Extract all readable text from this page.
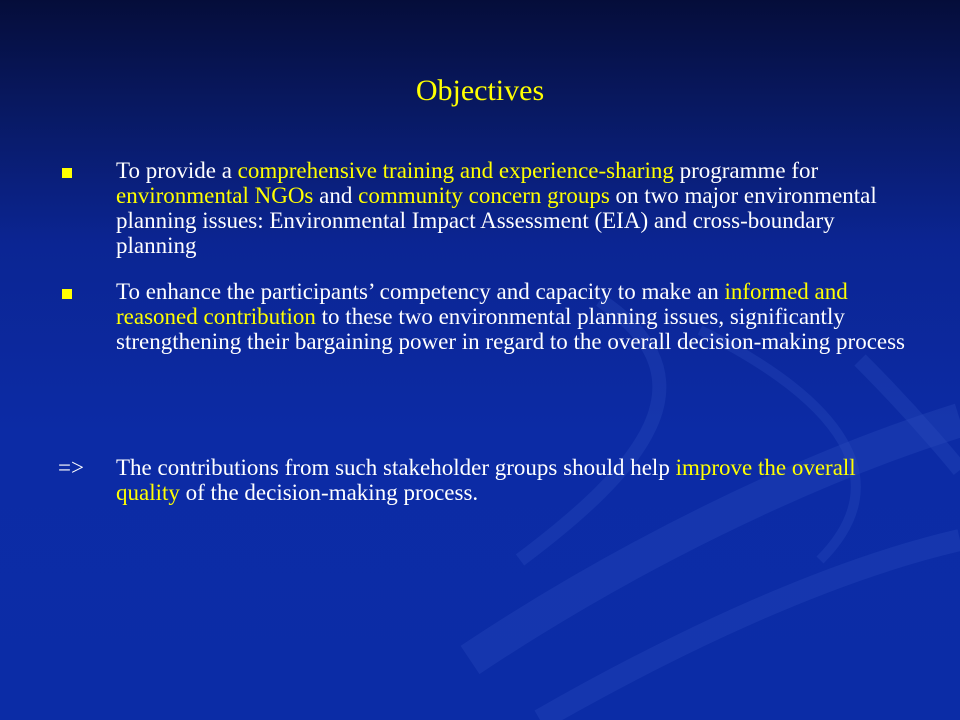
Objectives
To provide a comprehensive training and experience-sharing programme for environmental NGOs and community concern groups on two major environmental planning issues: Environmental Impact Assessment (EIA) and cross-boundary planning
To enhance the participants’ competency and capacity to make an informed and reasoned contribution to these two environmental planning issues, significantly strengthening their bargaining power in regard to the overall decision-making process
=> The contributions from such stakeholder groups should help improve the overall quality of the decision-making process.
